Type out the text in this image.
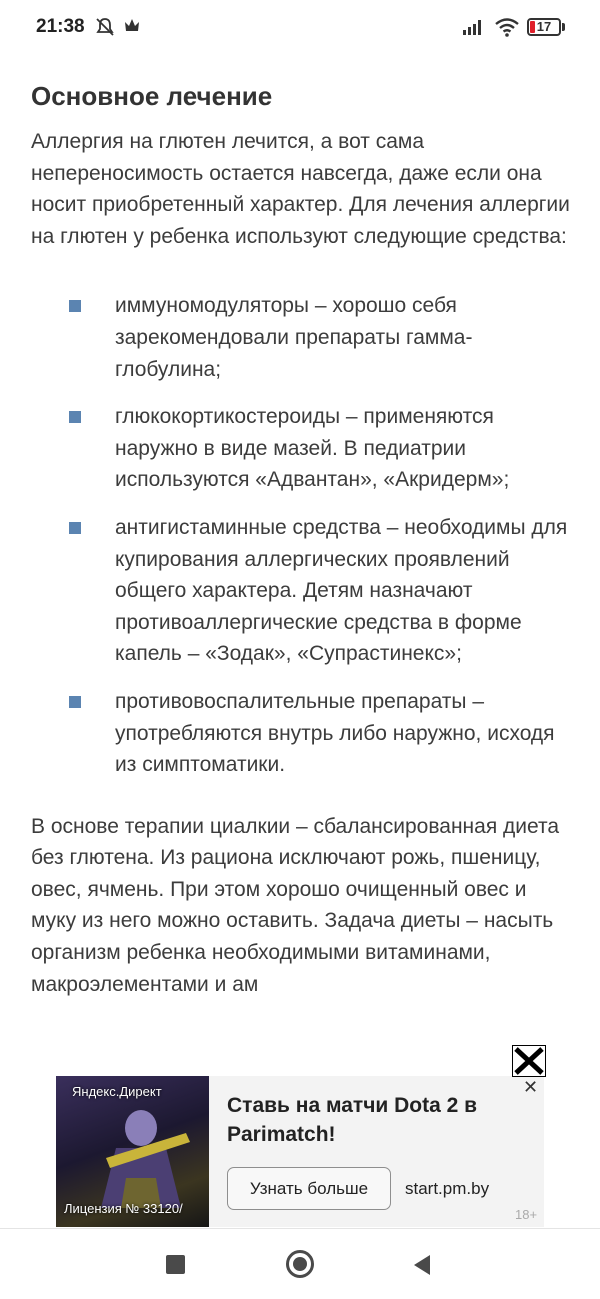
21:38	17
Основное лечение

Аллергия на глютен лечится, а вот сама непереносимость остается навсегда, даже если она носит приобретенный характер. Для лечения аллергии на глютен у ребенка используют следующие средства:

иммуномодуляторы – хорошо себя зарекомендовали препараты гамма-глобулина;
глюкокортикостероиды – применяются наружно в виде мазей. В педиатрии используются «Адвантан», «Акридерм»;
антигистаминные средства – необходимы для купирования аллергических проявлений общего характера. Детям назначают противоаллергические средства в форме капель – «Зодак», «Супрастинекс»;
противовоспалительные препараты – употребляются внутрь либо наружно, исходя из симптоматики.

В основе терапии циалкии – сбалансированная диета без глютена. Из рациона исключают рожь, пшеницу, овес, ячмень. При этом хорошо очищенный овес и муку из него можно оставить. Задача диеты – насыть организм ребенка необходимыми витаминами, макроэлементами и ам

Яндекс.Директ
Лицензия № 33120/
Ставь на матчи Dota 2 в Parimatch!
Узнать больше	start.pm.by
18+
✕
